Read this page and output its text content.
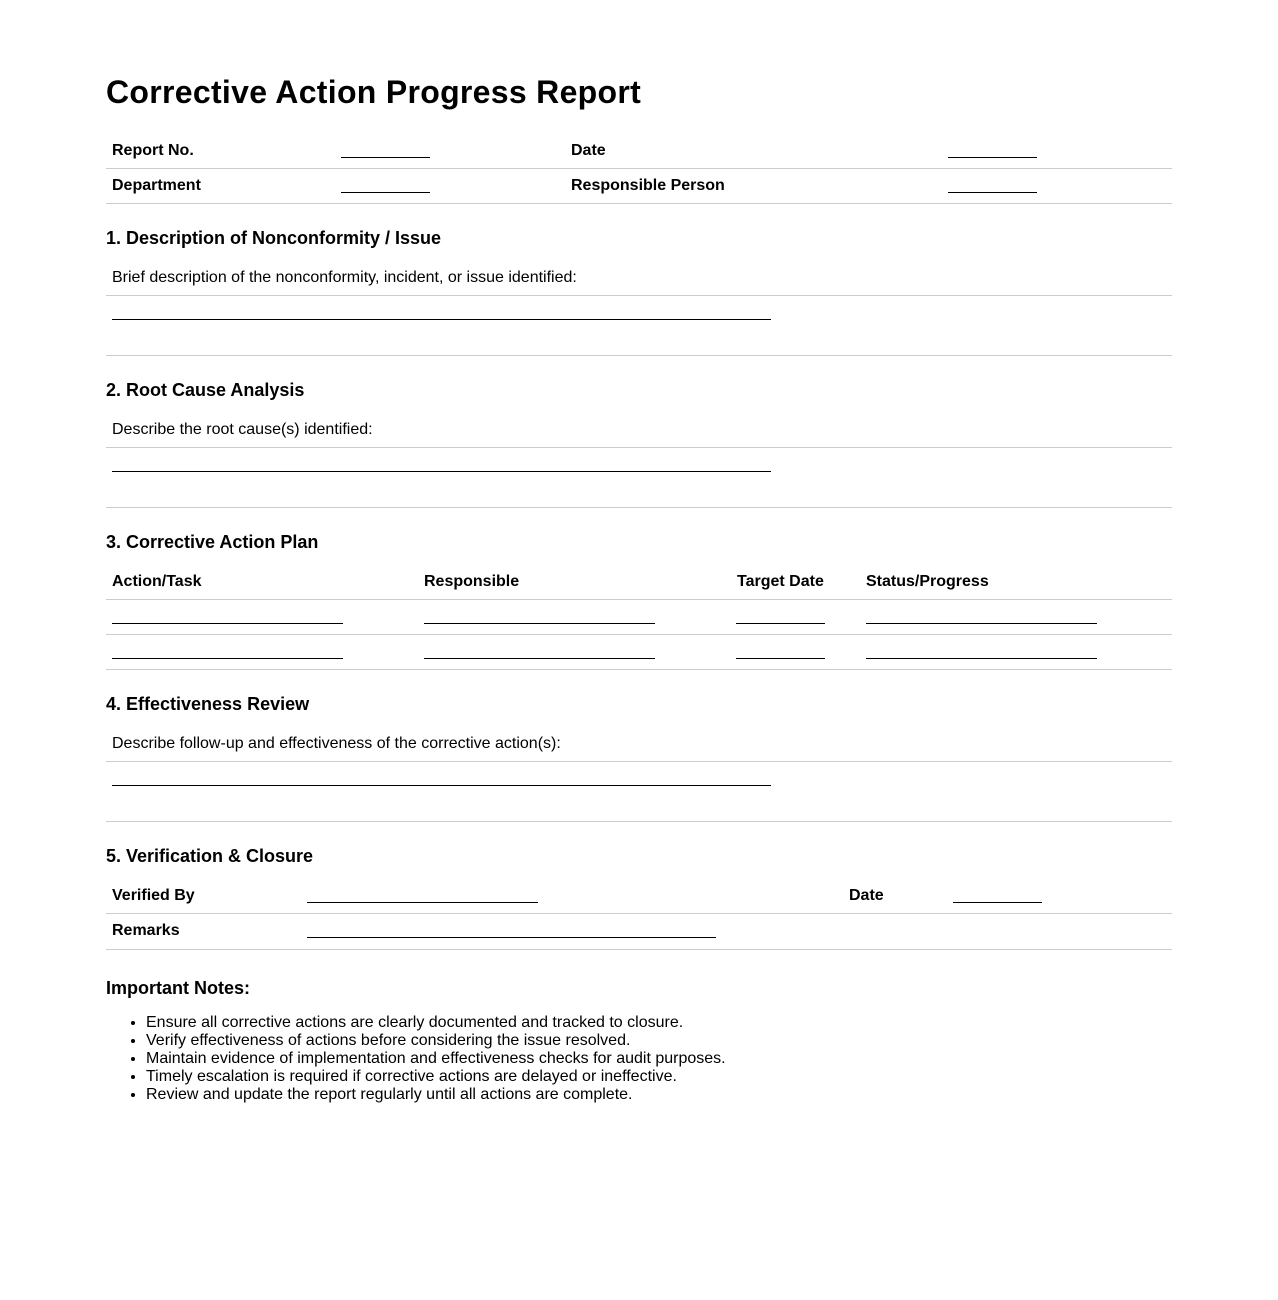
Corrective Action Progress Report
Report No.	Date
Department	Responsible Person
1. Description of Nonconformity / Issue
Brief description of the nonconformity, incident, or issue identified:
2. Root Cause Analysis
Describe the root cause(s) identified:
3. Corrective Action Plan
Action/Task	Responsible	Target Date	Status/Progress
4. Effectiveness Review
Describe follow-up and effectiveness of the corrective action(s):
5. Verification & Closure
Verified By	Date
Remarks
Important Notes:
• Ensure all corrective actions are clearly documented and tracked to closure.
• Verify effectiveness of actions before considering the issue resolved.
• Maintain evidence of implementation and effectiveness checks for audit purposes.
• Timely escalation is required if corrective actions are delayed or ineffective.
• Review and update the report regularly until all actions are complete.
